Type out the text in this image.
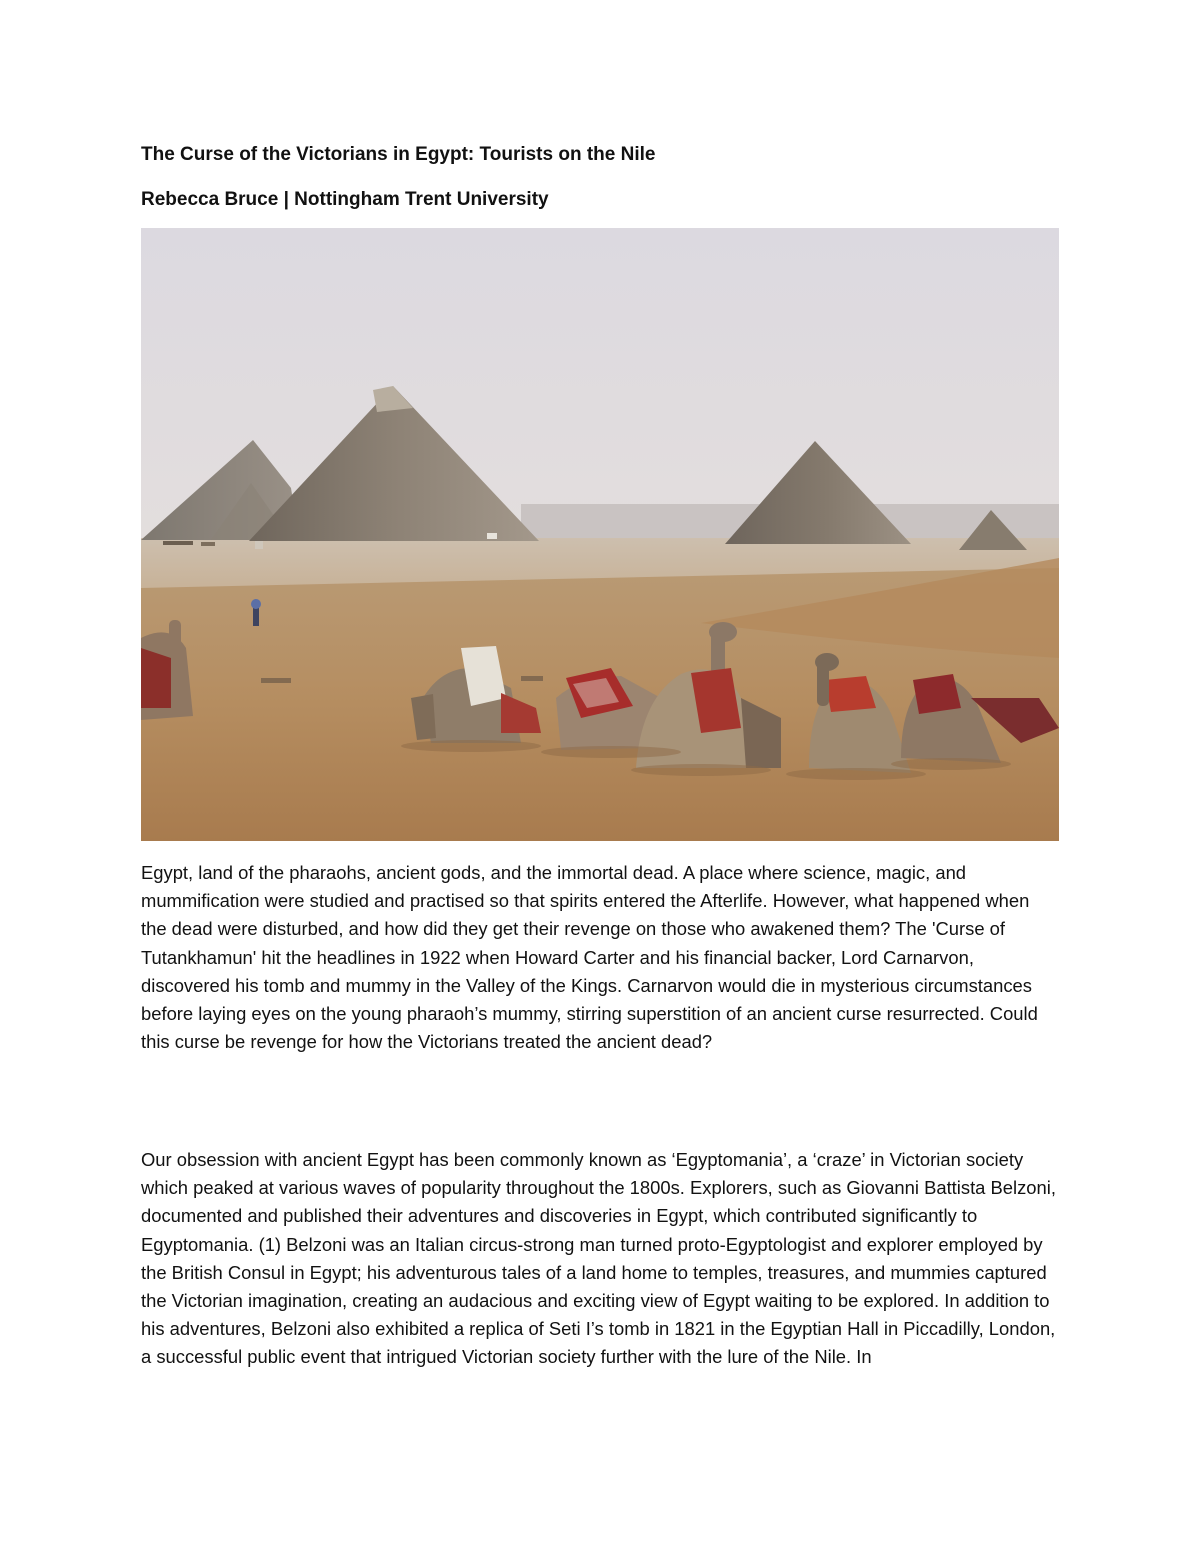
The Curse of the Victorians in Egypt: Tourists on the Nile
Rebecca Bruce | Nottingham Trent University

Egypt, land of the pharaohs, ancient gods, and the immortal dead. A place where science, magic, and mummification were studied and practised so that spirits entered the Afterlife. However, what happened when the dead were disturbed, and how did they get their revenge on those who awakened them? The 'Curse of Tutankhamun' hit the headlines in 1922 when Howard Carter and his financial backer, Lord Carnarvon, discovered his tomb and mummy in the Valley of the Kings. Carnarvon would die in mysterious circumstances before laying eyes on the young pharaoh’s mummy, stirring superstition of an ancient curse resurrected. Could this curse be revenge for how the Victorians treated the ancient dead?

Our obsession with ancient Egypt has been commonly known as ‘Egyptomania’, a ‘craze’ in Victorian society which peaked at various waves of popularity throughout the 1800s. Explorers, such as Giovanni Battista Belzoni, documented and published their adventures and discoveries in Egypt, which contributed significantly to Egyptomania. (1) Belzoni was an Italian circus-strong man turned proto-Egyptologist and explorer employed by the British Consul in Egypt; his adventurous tales of a land home to temples, treasures, and mummies captured the Victorian imagination, creating an audacious and exciting view of Egypt waiting to be explored. In addition to his adventures, Belzoni also exhibited a replica of Seti I’s tomb in 1821 in the Egyptian Hall in Piccadilly, London, a successful public event that intrigued Victorian society further with the lure of the Nile. In
